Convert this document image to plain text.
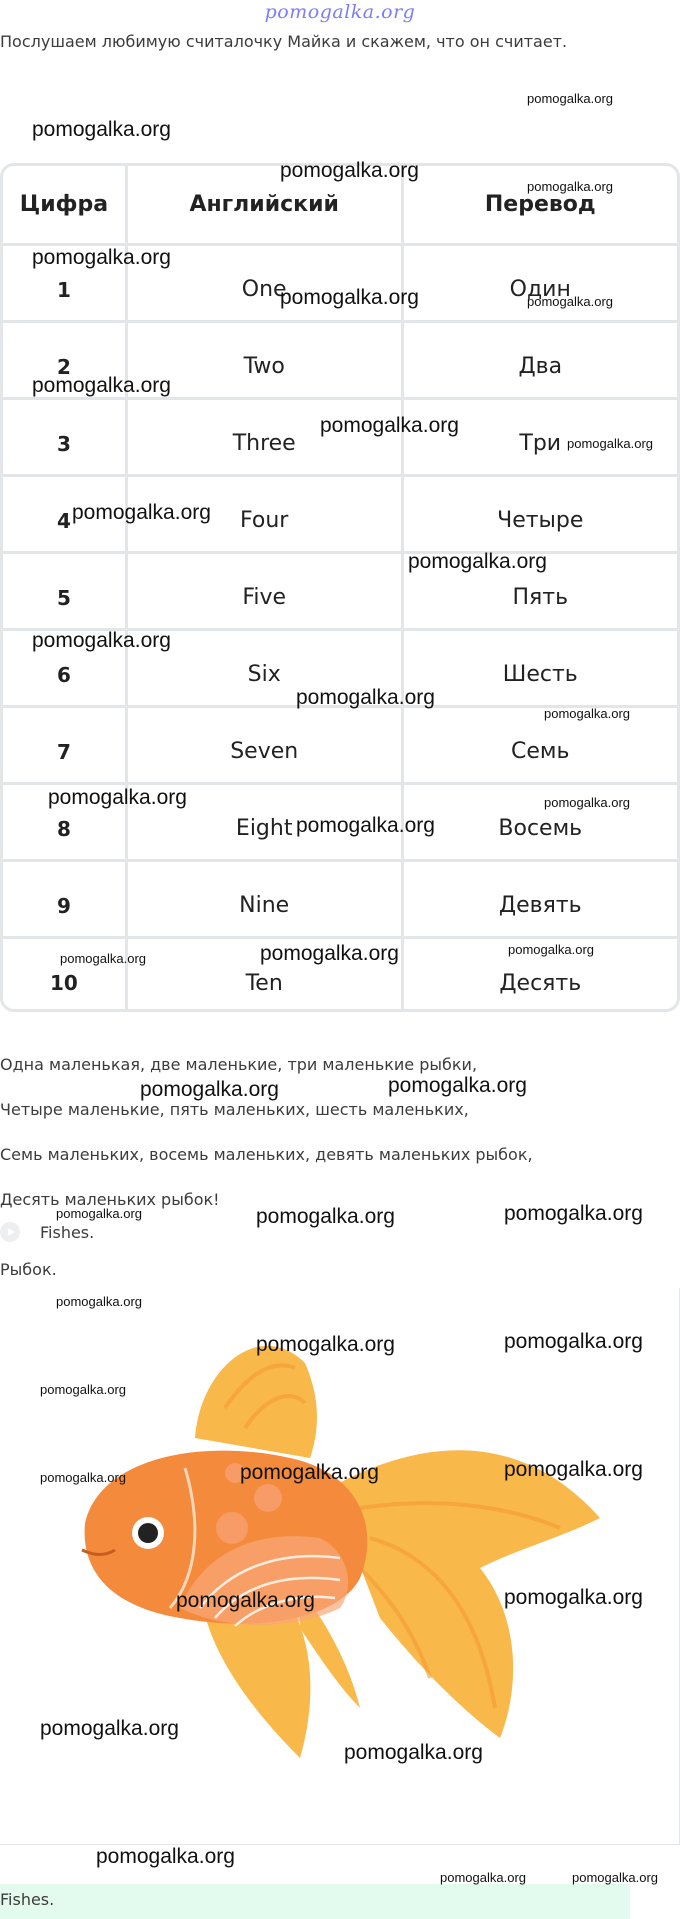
pomogalka.org
Послушаем любимую считалочку Майка и скажем, что он считает.
Цифра	Английский	Перевод
1	One	Один
2	Two	Два
3	Three	Три
4	Four	Четыре
5	Five	Пять
6	Six	Шесть
7	Seven	Семь
8	Eight	Восемь
9	Nine	Девять
10	Ten	Десять
Одна маленькая, две маленькие, три маленькие рыбки,
Четыре маленькие, пять маленьких, шесть маленьких,
Семь маленьких, восемь маленьких, девять маленьких рыбок,
Десять маленьких рыбок!
Fishes.
Рыбок.
Fishes.
pomogalka.org
pomogalka.org
pomogalka.org
pomogalka.org
pomogalka.org
pomogalka.org	pomogalka.org
pomogalka.org
pomogalka.org
pomogalka.org
pomogalka.org
pomogalka.org
pomogalka.org
pomogalka.org
pomogalka.org
pomogalka.org	pomogalka.org
pomogalka.org
pomogalka.org	pomogalka.org	pomogalka.org
pomogalka.org	pomogalka.org
pomogalka.org	pomogalka.org	pomogalka.org
pomogalka.org
pomogalka.org	pomogalka.org
pomogalka.org
pomogalka.org	pomogalka.org	pomogalka.org
pomogalka.org	pomogalka.org
pomogalka.org
pomogalka.org
pomogalka.org
pomogalka.org	pomogalka.org
